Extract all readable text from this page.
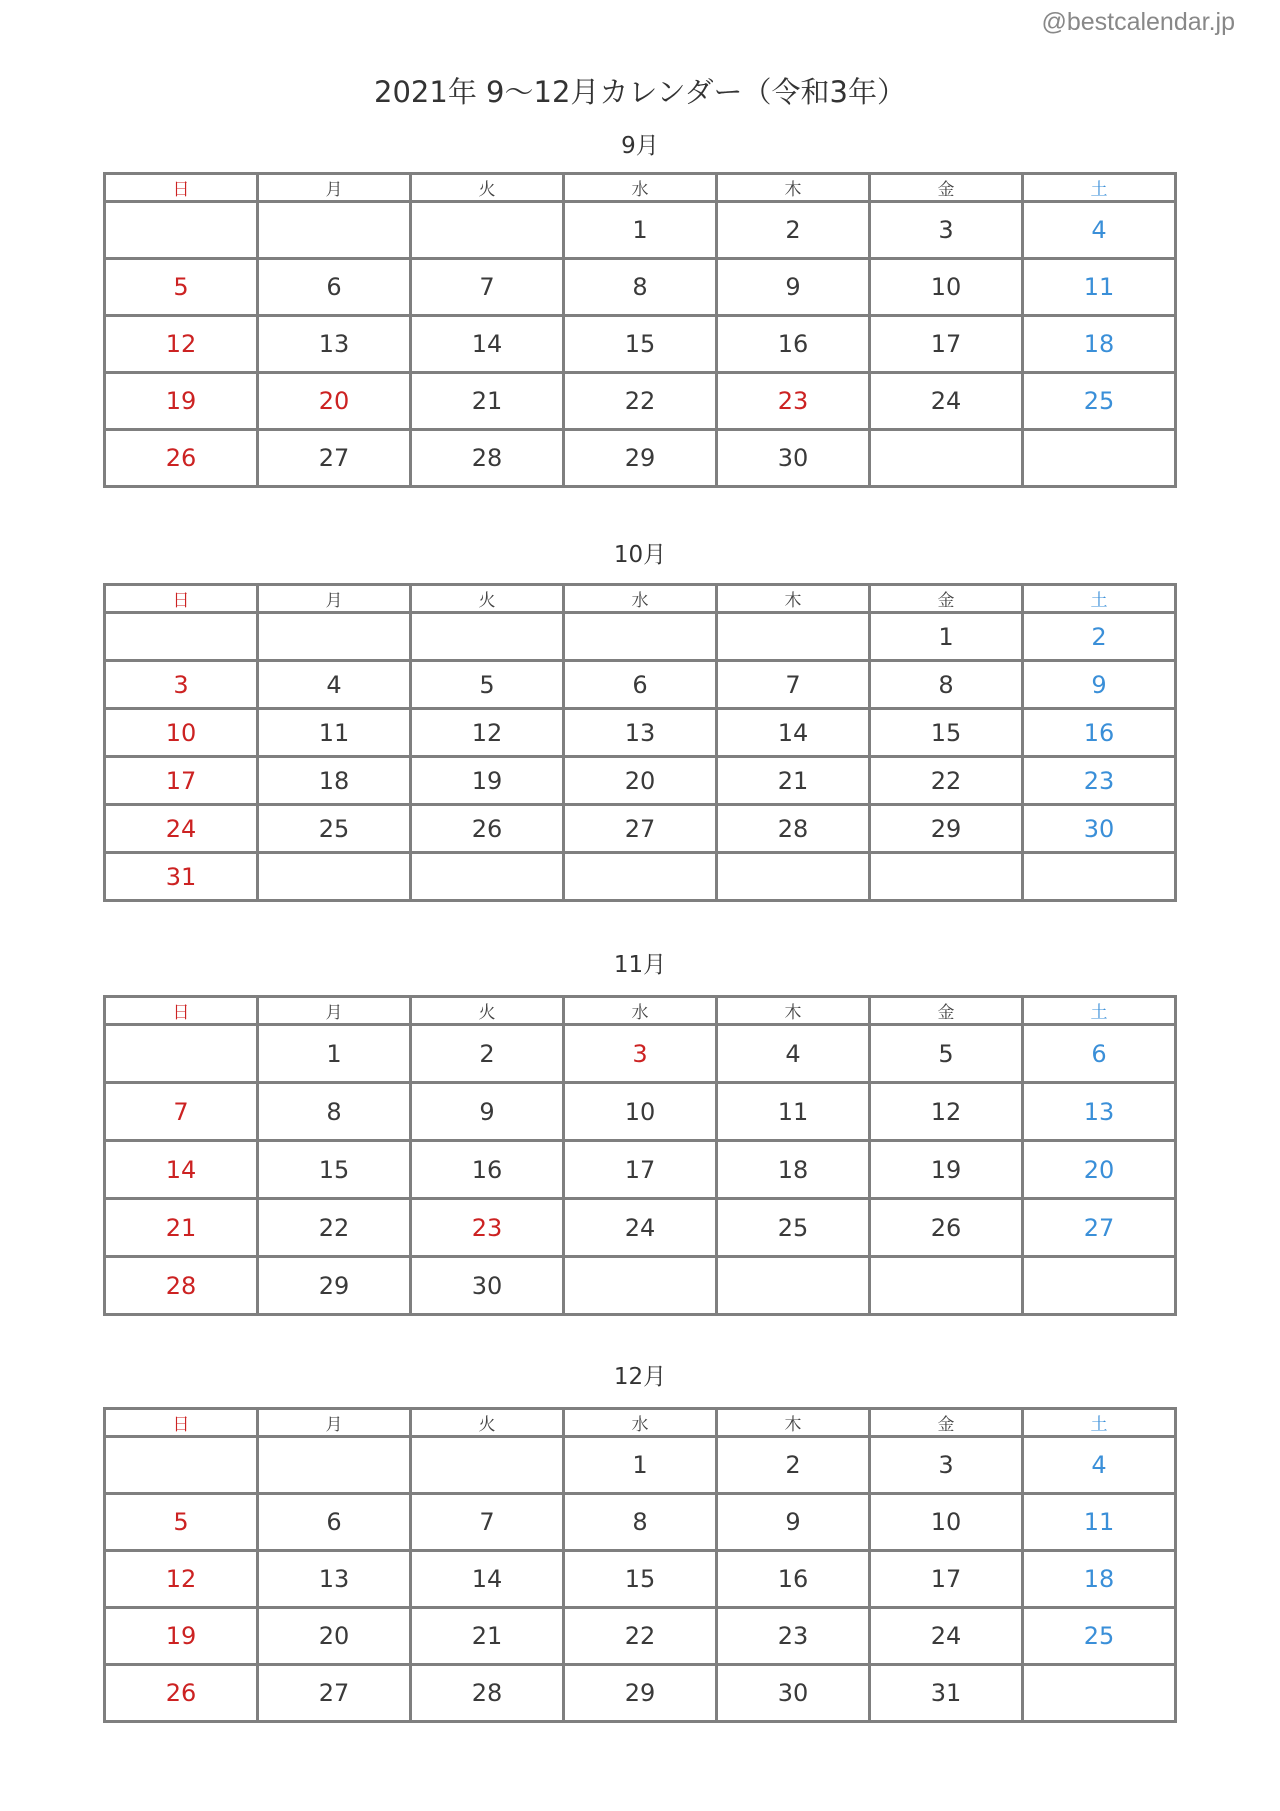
@bestcalendar.jp
2021年 9〜12月カレンダー（令和3年）
9月
日	月	火	水	木	金	土
			1	2	3	4
5	6	7	8	9	10	11
12	13	14	15	16	17	18
19	20	21	22	23	24	25
26	27	28	29	30		
10月
日	月	火	水	木	金	土
					1	2
3	4	5	6	7	8	9
10	11	12	13	14	15	16
17	18	19	20	21	22	23
24	25	26	27	28	29	30
31						
11月
日	月	火	水	木	金	土
	1	2	3	4	5	6
7	8	9	10	11	12	13
14	15	16	17	18	19	20
21	22	23	24	25	26	27
28	29	30				
12月
日	月	火	水	木	金	土
			1	2	3	4
5	6	7	8	9	10	11
12	13	14	15	16	17	18
19	20	21	22	23	24	25
26	27	28	29	30	31	
